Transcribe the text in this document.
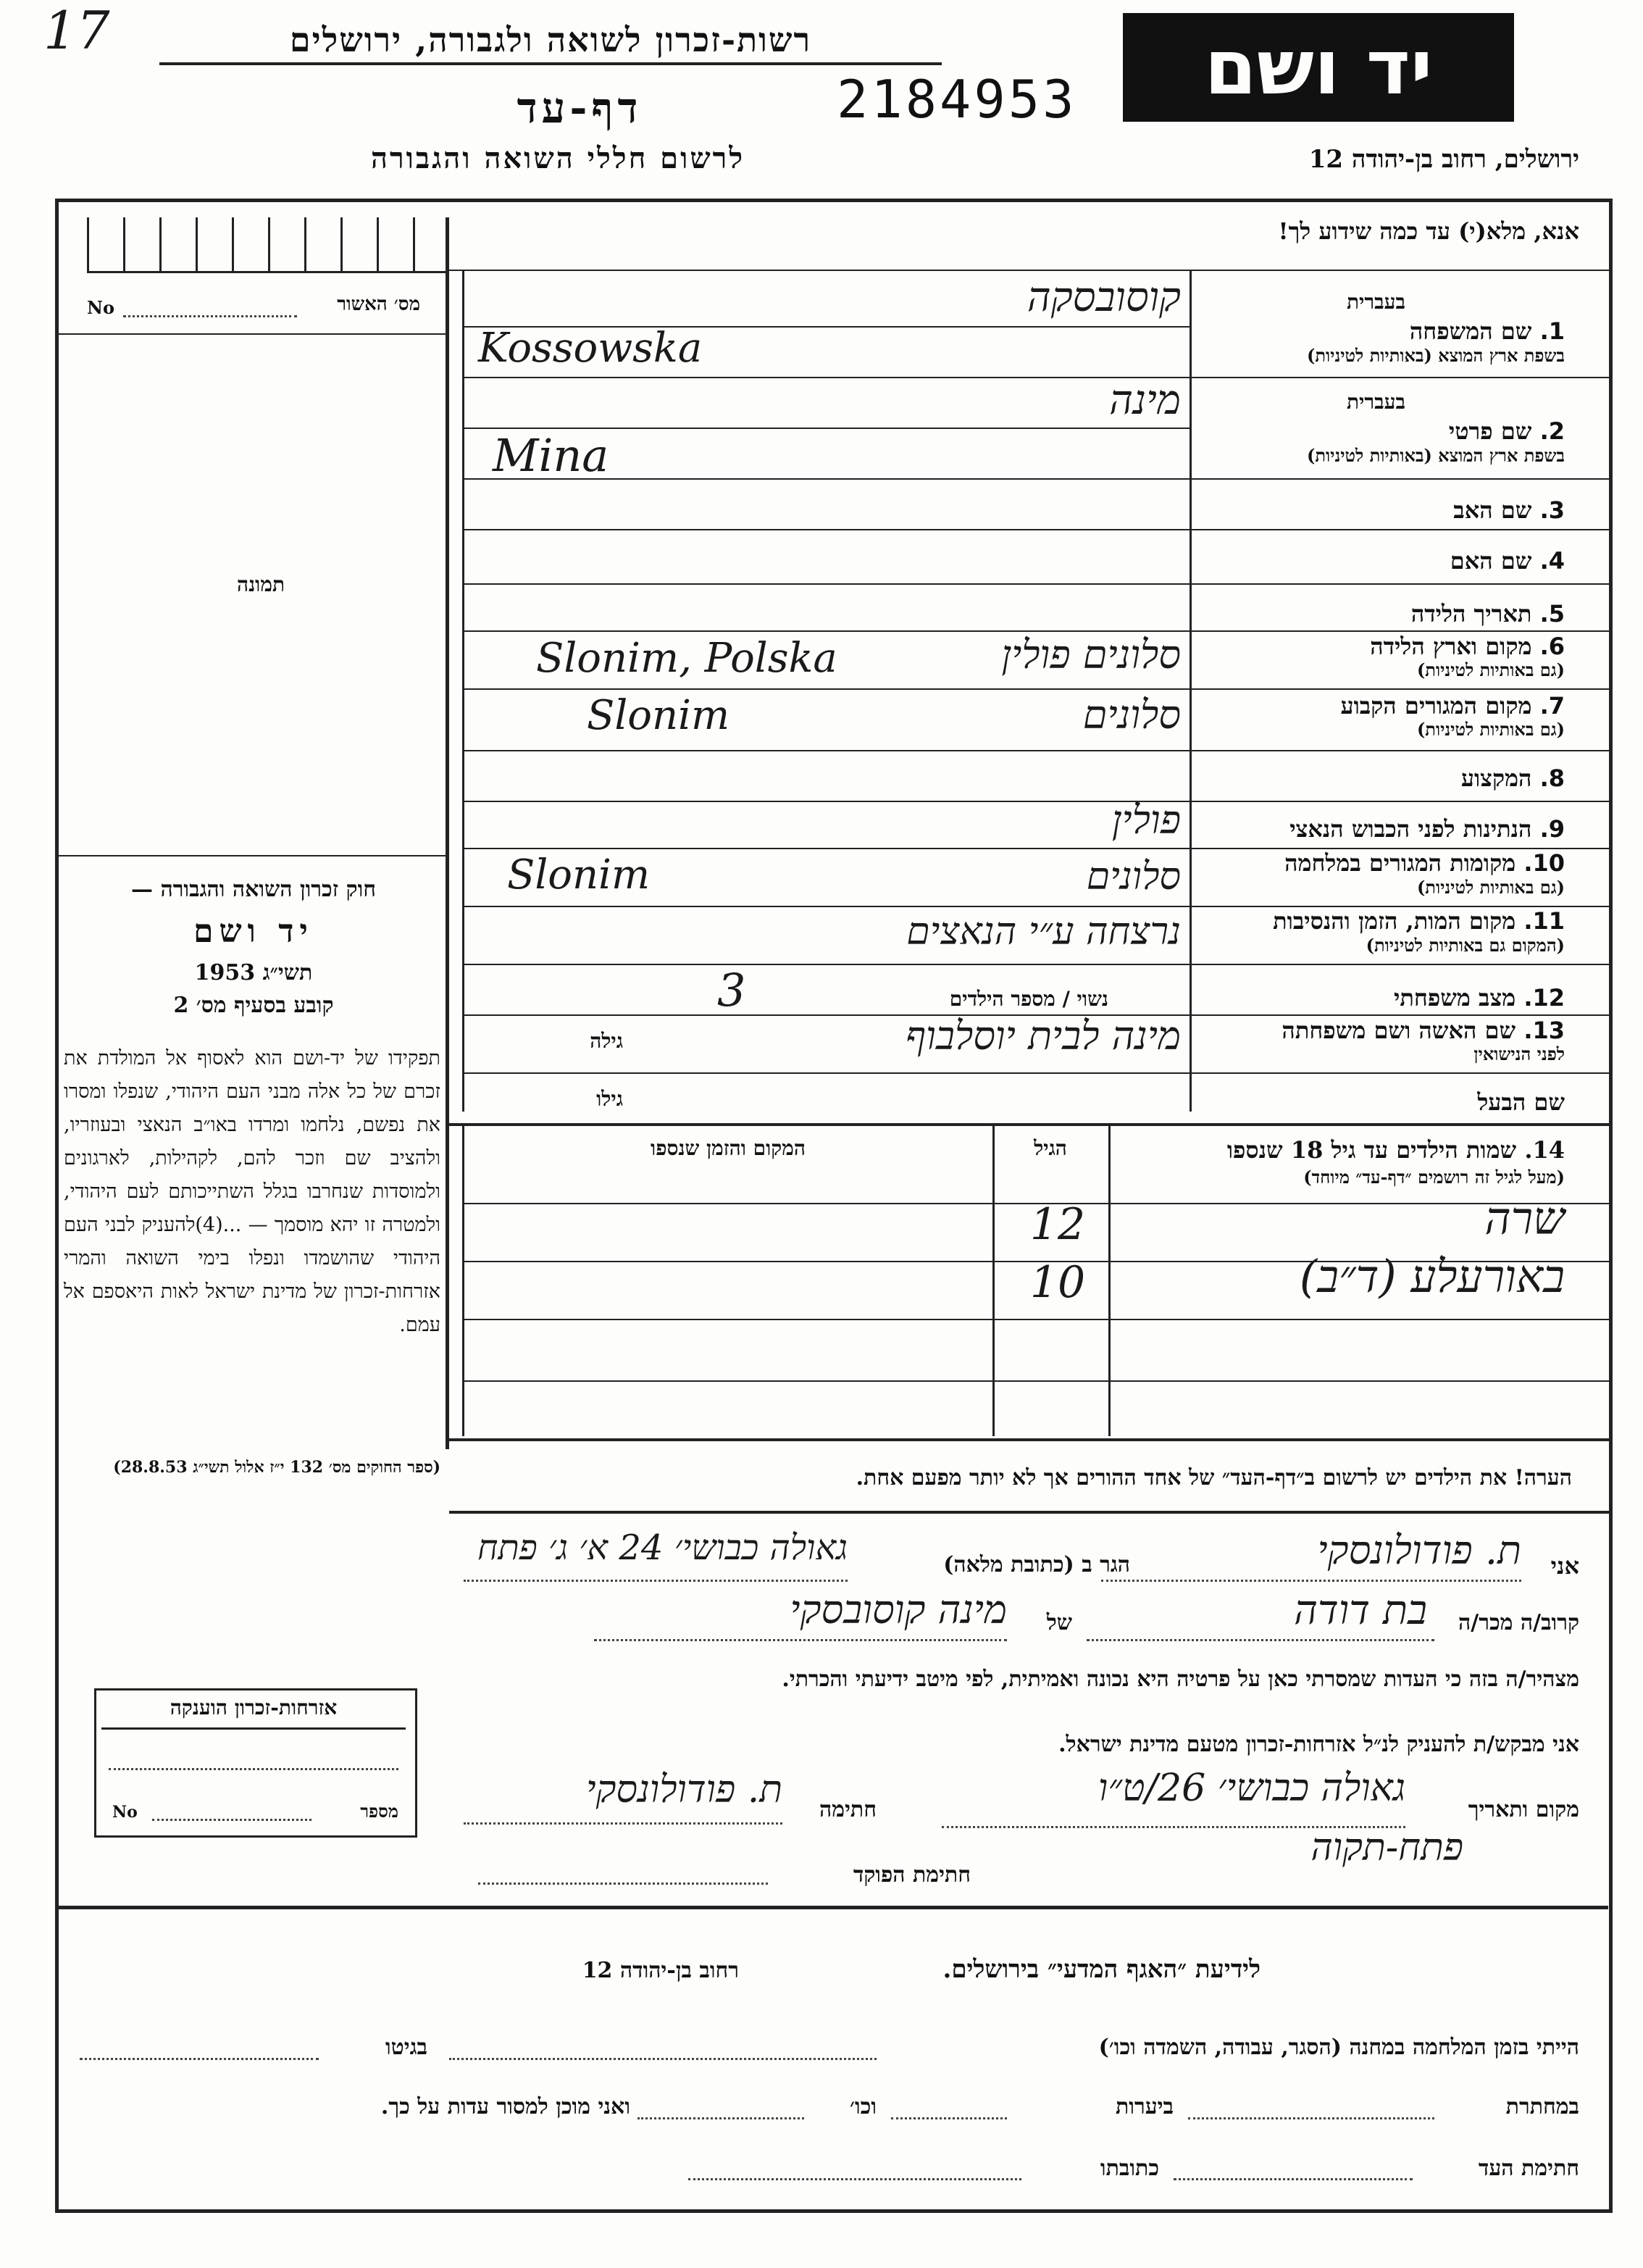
17	רשות-זכרון לשואה ולגבורה, ירושלים
דף-עד	2184953
לרשום חללי השואה והגבורה
יד ושם
ירושלים, רחוב בן-יהודה 12
מס׳ האשור
No
תמונה
אנא, מלא(י) עד כמה שידוע לך!
בעברית
1. שם המשפחה
בשפת ארץ המוצא (באותיות לטיניות)
קוסובסקה
Kossowska
בעברית
2. שם פרטי
בשפת ארץ המוצא (באותיות לטיניות)
מינה
Mina
3. שם האב
4. שם האם
5. תאריך הלידה
6. מקום וארץ הלידה
(גם באותיות לטיניות)
סלונים פולין
Slonim, Polska
7. מקום המגורים הקבוע
(גם באותיות לטיניות)
סלונים
Slonim
8. המקצוע
9. הנתינות לפני הכבוש הנאצי
פולין
10. מקומות המגורים במלחמה
(גם באותיות לטיניות)
סלונים
Slonim
11. מקום המות, הזמן והנסיבות
(המקום גם באותיות לטיניות)
נרצחה ע״י הנאצים
12. מצב משפחתי
נשוי / מספר הילדים
3
13. שם האשה ושם משפחתה
לפני הנישואין
מינה לבית יוסלבוף
גילה
שם הבעל
גילו
14. שמות הילדים עד גיל 18 שנספו
(מעל לגיל זה רושמים ״דף-עד״ מיוחד)
הגיל
המקום והזמן שנספו
שרה
12
באורעלע (ד״ב)
10
הערה! את הילדים יש לרשום ב״דף-העד״ של אחד ההורים אך לא יותר מפעם אחת.
חוק זכרון השואה והגבורה —
יד ושם
תשי״ג 1953
קובע בסעיף מס׳ 2
תפקידו של יד-ושם הוא לאסוף אל המולדת את זכרם של כל אלה מבני העם היהודי, שנפלו ומסרו את נפשם, נלחמו ומרדו באו״ב הנאצי ובעוזריו, ולהציב שם וזכר להם, לקהילות, לארגונים ולמוסדות שנחרבו בגלל השתייכותם לעם היהודי, ולמטרה זו יהא מוסמך — ...(4)להעניק לבני העם היהודי שהושמדו ונפלו בימי השואה והמרי אזרחות-זכרון של מדינת ישראל לאות היאספם אל עמם.
(ספר החוקים מס׳ 132 י״ז אלול תשי״ג 28.8.53)
אני
ת. פודולונסקי
הגר ב (כתובת מלאה)
גאולה כבושי׳ 24 א׳ ג׳ פתח
קרוב/ה מכר/ה
בת דודה
של
מינה קוסובסקי
מצהיר/ה בזה כי העדות שמסרתי כאן על פרטיה היא נכונה ואמיתית, לפי מיטב ידיעתי והכרתי.
אני מבקש/ת להעניק לנ״ל אזרחות-זכרון מטעם מדינת ישראל.
מקום ותאריך
גאולה כבושי׳ 26/ט״ו
פתח-תקוה
חתימה
ת. פודולונסקי
חתימת הפוקד
אזרחות-זכרון הוענקה
מספר
No
לידיעת ״האגף המדעי״ בירושלים.
רחוב בן-יהודה 12
הייתי בזמן המלחמה במחנה (הסגר, עבודה, השמדה וכו׳)
בגיטו
במחתרת
ביערות
וכו׳
ואני מוכן למסור עדות על כך.
חתימת העד
כתובתו
